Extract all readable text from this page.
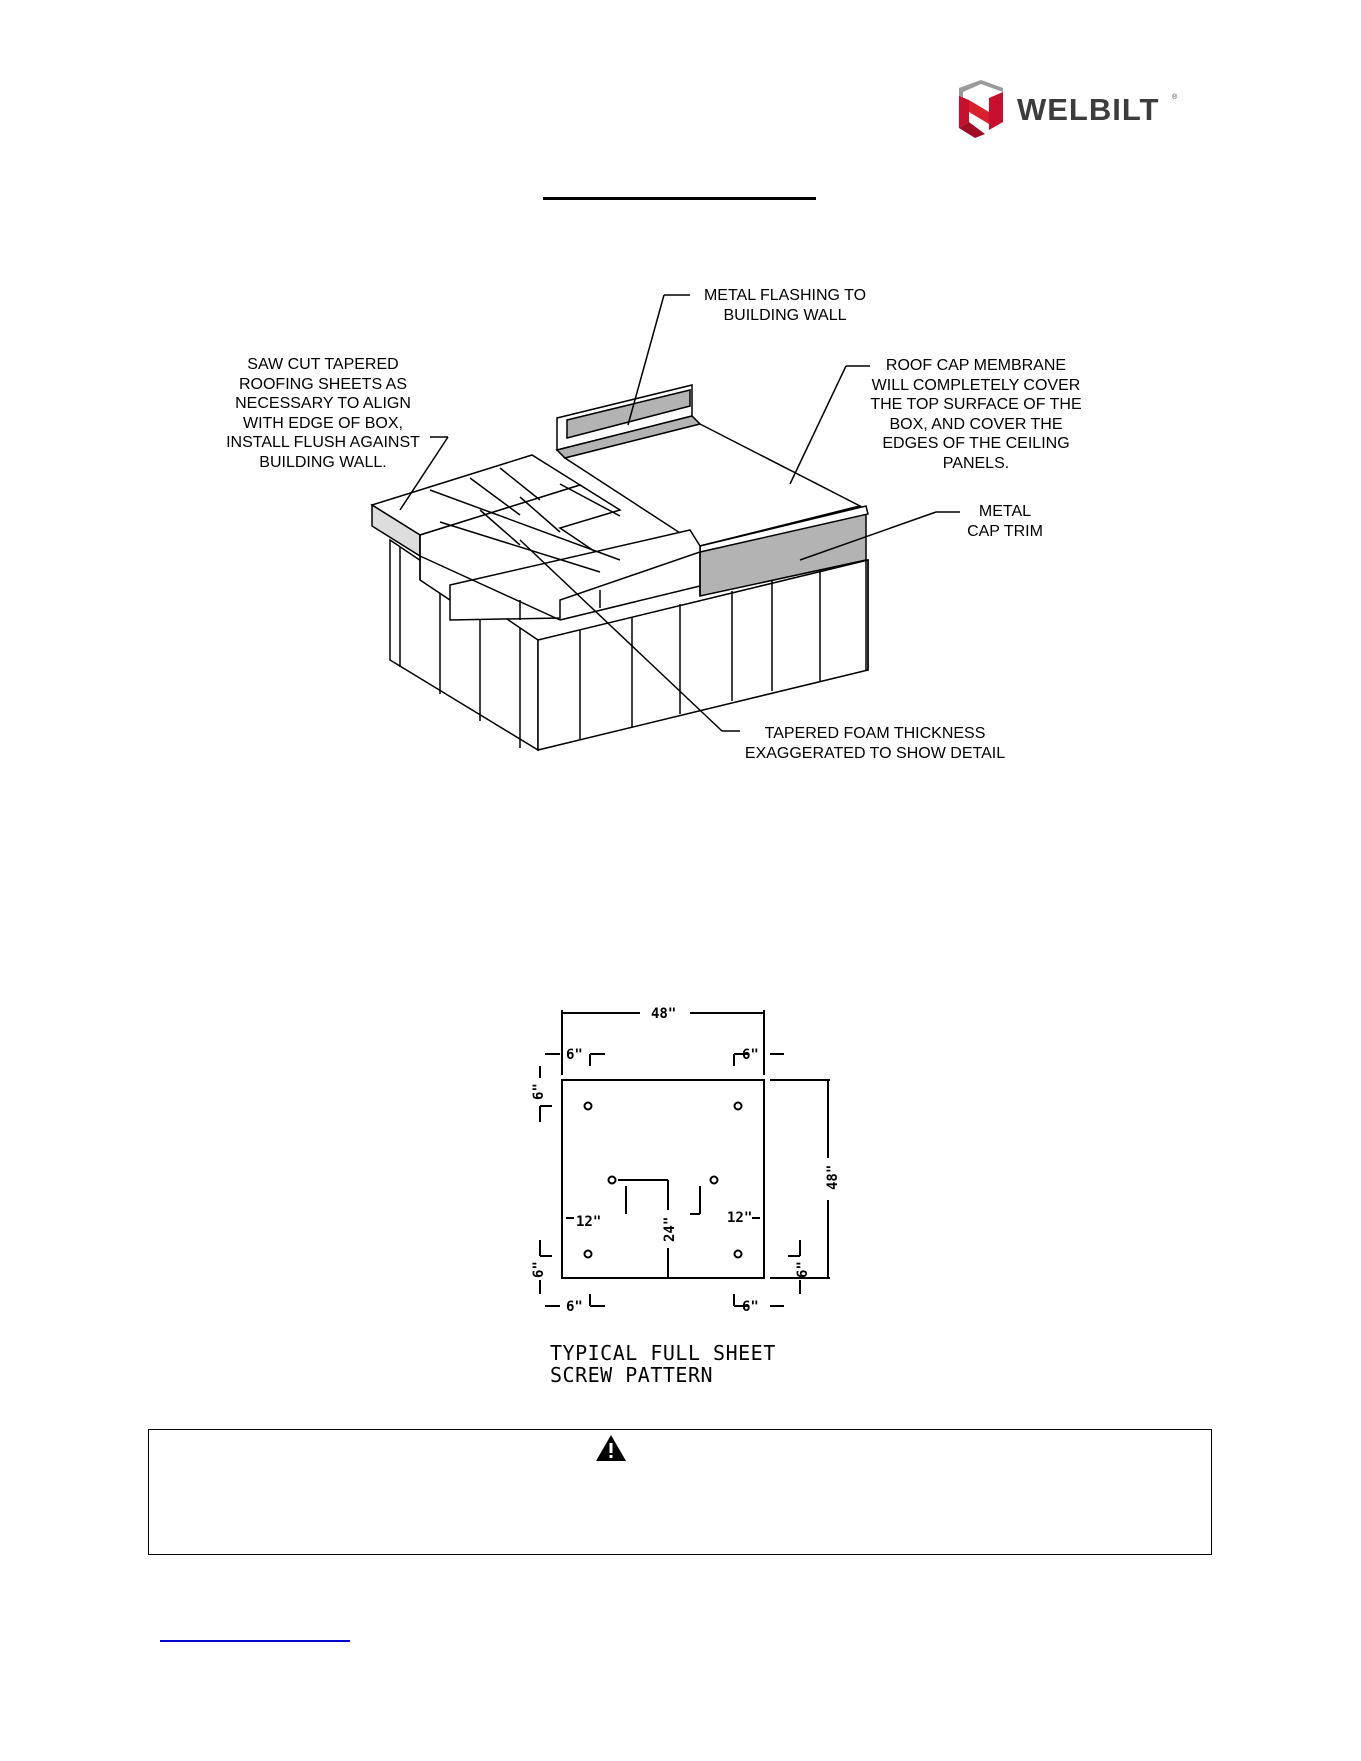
WELBILT ®
METAL FLASHING TO
BUILDING WALL
SAW CUT TAPERED
ROOFING SHEETS AS
NECESSARY TO ALIGN
WITH EDGE OF BOX,
INSTALL FLUSH AGAINST
BUILDING WALL.
ROOF CAP MEMBRANE
WILL COMPLETELY COVER
THE TOP SURFACE OF THE
BOX, AND COVER THE
EDGES OF THE CEILING
PANELS.
METAL
CAP TRIM
TAPERED FOAM THICKNESS
EXAGGERATED TO SHOW DETAIL
48"
6"	6"
6"	6"
12"	12"
48"
24"
6"
6"	6"
TYPICAL FULL SHEET
SCREW PATTERN
